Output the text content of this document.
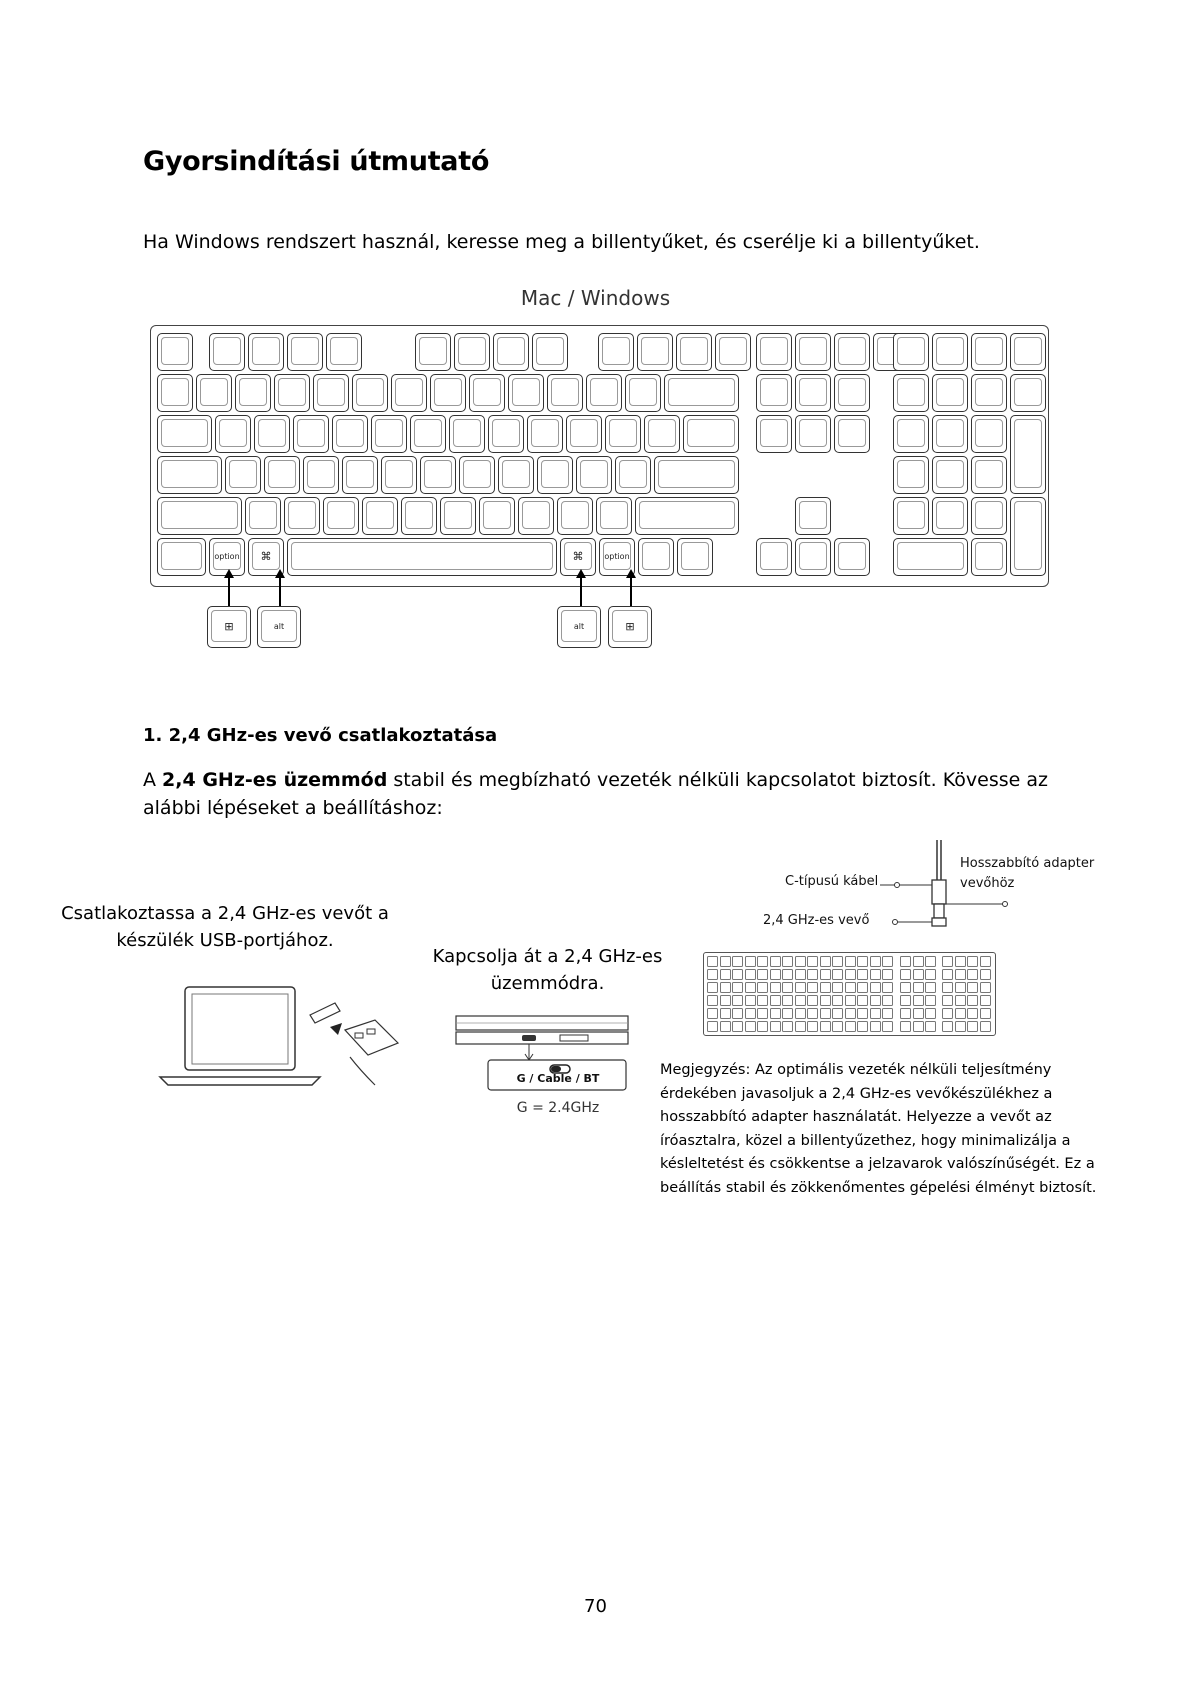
Gyorsindítási útmutató
Ha Windows rendszert használ, keresse meg a billentyűket, és cserélje ki a billentyűket.
Mac / Windows
option ⌘	⌘	option
⊞	alt	alt	⊞
1. 2,4 GHz-es vevő csatlakoztatása
A 2,4 GHz-es üzemmód stabil és megbízható vezeték nélküli kapcsolatot biztosít. Kövesse az alábbi lépéseket a beállításhoz:
Csatlakoztassa a 2,4 GHz-es vevőt a készülék USB-portjához.
Kapcsolja át a 2,4 GHz-es üzemmódra.
G / Cable / BT
G = 2.4GHz
Hosszabbító adapter vevőhöz
C-típusú kábel
2,4 GHz-es vevő
Megjegyzés: Az optimális vezeték nélküli teljesítmény érdekében javasoljuk a 2,4 GHz-es vevőkészülékhez a hosszabbító adapter használatát. Helyezze a vevőt az íróasztalra, közel a billentyűzethez, hogy minimalizálja a késleltetést és csökkentse a jelzavarok valószínűségét. Ez a beállítás stabil és zökkenőmentes gépelési élményt biztosít.
70
